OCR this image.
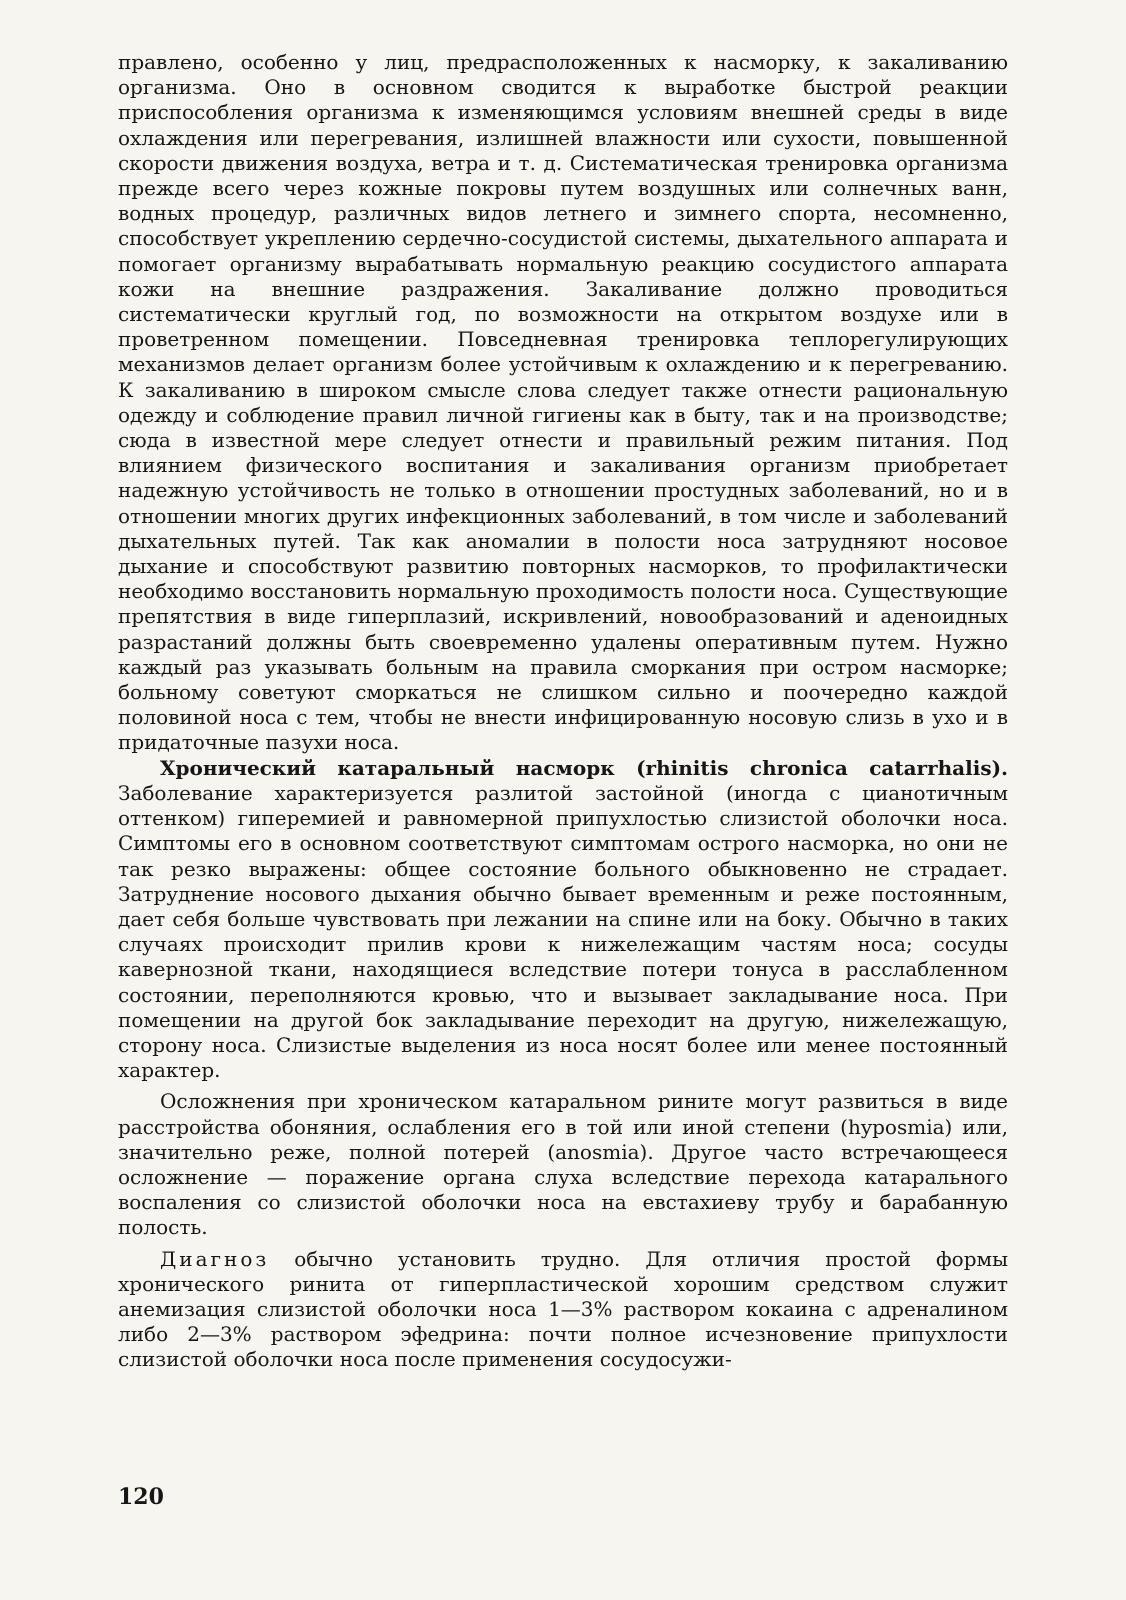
правлено, особенно у лиц, предрасположенных к насморку, к закаливанию организма. Оно в основном сводится к выработке быстрой реакции приспособления организма к изменяющимся условиям внешней среды в виде охлаждения или перегревания, излишней влажности или сухости, повышенной скорости движения воздуха, ветра и т. д. Систематическая тренировка организма прежде всего через кожные покровы путем воздушных или солнечных ванн, водных процедур, различных видов летнего и зимнего спорта, несомненно, способствует укреплению сердечно-сосудистой системы, дыхательного аппарата и помогает организму вырабатывать нормальную реакцию сосудистого аппарата кожи на внешние раздражения. Закаливание должно проводиться систематически круглый год, по возможности на открытом воздухе или в проветренном помещении. Повседневная тренировка теплорегулирующих механизмов делает организм более устойчивым к охлаждению и к перегреванию. К закаливанию в широком смысле слова следует также отнести рациональную одежду и соблюдение правил личной гигиены как в быту, так и на производстве; сюда в известной мере следует отнести и правильный режим питания. Под влиянием физического воспитания и закаливания организм приобретает надежную устойчивость не только в отношении простудных заболеваний, но и в отношении многих других инфекционных заболеваний, в том числе и заболеваний дыхательных путей. Так как аномалии в полости носа затрудняют носовое дыхание и способствуют развитию повторных насморков, то профилактически необходимо восстановить нормальную проходимость полости носа. Существующие препятствия в виде гиперплазий, искривлений, новообразований и аденоидных разрастаний должны быть своевременно удалены оперативным путем. Нужно каждый раз указывать больным на правила сморкания при остром насморке; больному советуют сморкаться не слишком сильно и поочередно каждой половиной носа с тем, чтобы не внести инфицированную носовую слизь в ухо и в придаточные пазухи носа.

Хронический катаральный насморк (rhinitis chronica catarrhalis). Заболевание характеризуется разлитой застойной (иногда с цианотичным оттенком) гиперемией и равномерной припухлостью слизистой оболочки носа. Симптомы его в основном соответствуют симптомам острого насморка, но они не так резко выражены: общее состояние больного обыкновенно не страдает. Затруднение носового дыхания обычно бывает временным и реже постоянным, дает себя больше чувствовать при лежании на спине или на боку. Обычно в таких случаях происходит прилив крови к нижележащим частям носа; сосуды кавернозной ткани, находящиеся вследствие потери тонуса в расслабленном состоянии, переполняются кровью, что и вызывает закладывание носа. При помещении на другой бок закладывание переходит на другую, нижележащую, сторону носа. Слизистые выделения из носа носят более или менее постоянный характер.

Осложнения при хроническом катаральном рините могут развиться в виде расстройства обоняния, ослабления его в той или иной степени (hyposmia) или, значительно реже, полной потерей (anosmia). Другое часто встречающееся осложнение — поражение органа слуха вследствие перехода катарального воспаления со слизистой оболочки носа на евстахиеву трубу и барабанную полость.

Диагноз обычно установить трудно. Для отличия простой формы хронического ринита от гиперпластической хорошим средством служит анемизация слизистой оболочки носа 1—3% раствором кокаина с адреналином либо 2—3% раствором эфедрина: почти полное исчезновение припухлости слизистой оболочки носа после применения сосудосужи-

120
